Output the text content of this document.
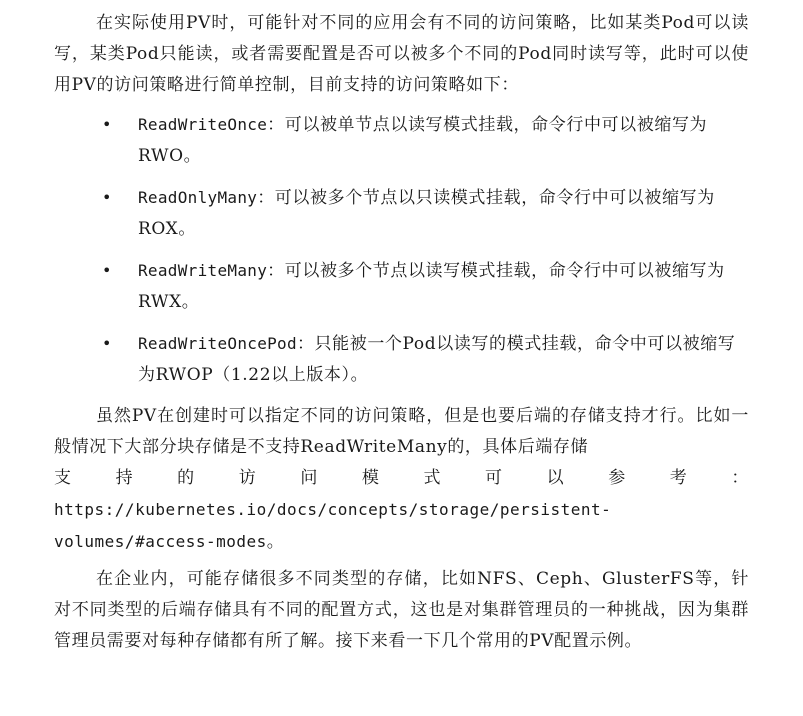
在实际使用PV时，可能针对不同的应用会有不同的访问策略，比如某类Pod可以读写，某类Pod只能读，或者需要配置是否可以被多个不同的Pod同时读写等，此时可以使用PV的访问策略进行简单控制，目前支持的访问策略如下：

• ReadWriteOnce：可以被单节点以读写模式挂载，命令行中可以被缩写为RWO。
• ReadOnlyMany：可以被多个节点以只读模式挂载，命令行中可以被缩写为ROX。
• ReadWriteMany：可以被多个节点以读写模式挂载，命令行中可以被缩写为RWX。
• ReadWriteOncePod：只能被一个Pod以读写的模式挂载，命令中可以被缩写为RWOP（1.22以上版本）。

虽然PV在创建时可以指定不同的访问策略，但是也要后端的存储支持才行。比如一般情况下大部分块存储是不支持ReadWriteMany的，具体后端存储

支	持	的	访	问	模	式	可	以	参	考	：
https://kubernetes.io/docs/concepts/storage/persistent-
volumes/#access-modes。

在企业内，可能存储很多不同类型的存储，比如NFS、Ceph、GlusterFS等，针对不同类型的后端存储具有不同的配置方式，这也是对集群管理员的一种挑战，因为集群管理员需要对每种存储都有所了解。接下来看一下几个常用的PV配置示例。
